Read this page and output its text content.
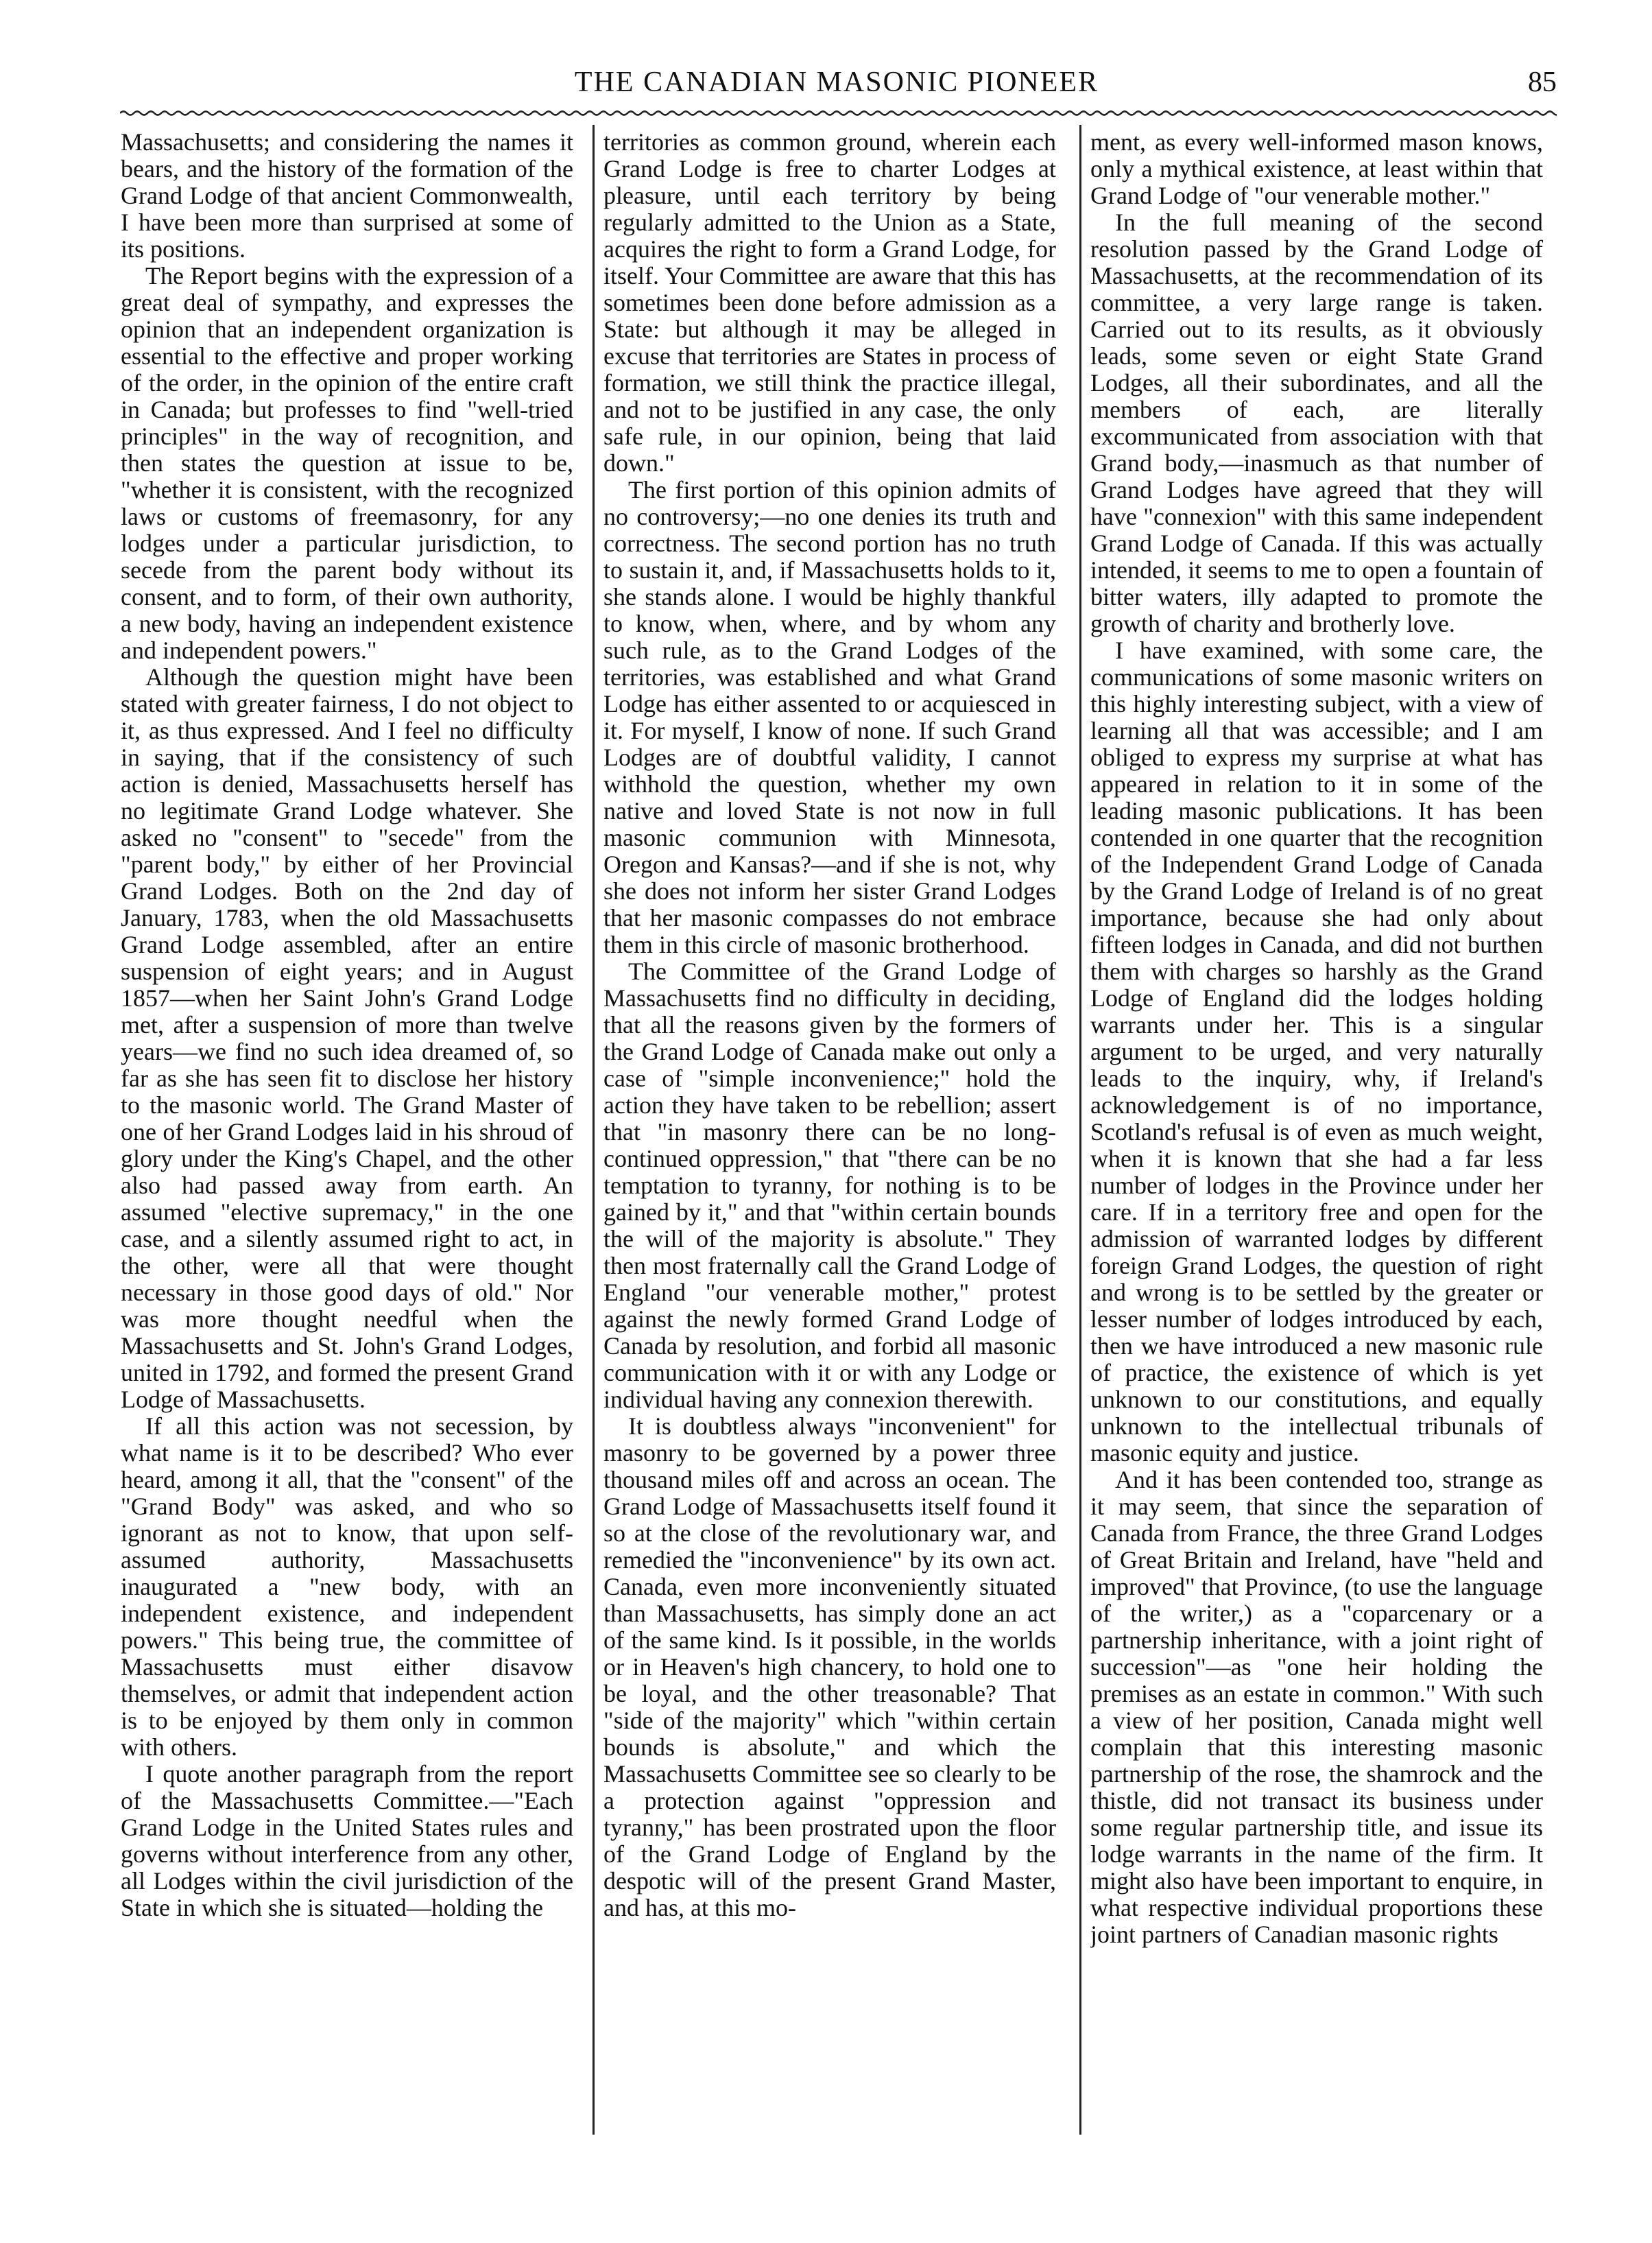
THE CANADIAN MASONIC PIONEER	85

Massachusetts; and considering the names it bears, and the history of the formation of the Grand Lodge of that ancient Commonwealth, I have been more than surprised at some of its positions.

The Report begins with the expression of a great deal of sympathy, and expresses the opinion that an independent organization is essential to the effective and proper working of the order, in the opinion of the entire craft in Canada; but professes to find "well-tried principles" in the way of recognition, and then states the question at issue to be, "whether it is consistent, with the recognized laws or customs of freemasonry, for any lodges under a particular jurisdiction, to secede from the parent body without its consent, and to form, of their own authority, a new body, having an independent existence and independent powers."

Although the question might have been stated with greater fairness, I do not object to it, as thus expressed. And I feel no difficulty in saying, that if the consistency of such action is denied, Massachusetts herself has no legitimate Grand Lodge whatever. She asked no "consent" to "secede" from the "parent body," by either of her Provincial Grand Lodges. Both on the 2nd day of January, 1783, when the old Massachusetts Grand Lodge assembled, after an entire suspension of eight years; and in August 1857—when her Saint John's Grand Lodge met, after a suspension of more than twelve years—we find no such idea dreamed of, so far as she has seen fit to disclose her history to the masonic world. The Grand Master of one of her Grand Lodges laid in his shroud of glory under the King's Chapel, and the other also had passed away from earth. An assumed "elective supremacy," in the one case, and a silently assumed right to act, in the other, were all that were thought necessary in those good days of old." Nor was more thought needful when the Massachusetts and St. John's Grand Lodges, united in 1792, and formed the present Grand Lodge of Massachusetts.

If all this action was not secession, by what name is it to be described? Who ever heard, among it all, that the "consent" of the "Grand Body" was asked, and who so ignorant as not to know, that upon self-assumed authority, Massachusetts inaugurated a "new body, with an independent existence, and independent powers." This being true, the committee of Massachusetts must either disavow themselves, or admit that independent action is to be enjoyed by them only in common with others.

I quote another paragraph from the report of the Massachusetts Committee.—"Each Grand Lodge in the United States rules and governs without interference from any other, all Lodges within the civil jurisdiction of the State in which she is situated—holding the

territories as common ground, wherein each Grand Lodge is free to charter Lodges at pleasure, until each territory by being regularly admitted to the Union as a State, acquires the right to form a Grand Lodge, for itself. Your Committee are aware that this has sometimes been done before admission as a State: but although it may be alleged in excuse that territories are States in process of formation, we still think the practice illegal, and not to be justified in any case, the only safe rule, in our opinion, being that laid down."

The first portion of this opinion admits of no controversy;—no one denies its truth and correctness. The second portion has no truth to sustain it, and, if Massachusetts holds to it, she stands alone. I would be highly thankful to know, when, where, and by whom any such rule, as to the Grand Lodges of the territories, was established and what Grand Lodge has either assented to or acquiesced in it. For myself, I know of none. If such Grand Lodges are of doubtful validity, I cannot withhold the question, whether my own native and loved State is not now in full masonic communion with Minnesota, Oregon and Kansas?—and if she is not, why she does not inform her sister Grand Lodges that her masonic compasses do not embrace them in this circle of masonic brotherhood.

The Committee of the Grand Lodge of Massachusetts find no difficulty in deciding, that all the reasons given by the formers of the Grand Lodge of Canada make out only a case of "simple inconvenience;" hold the action they have taken to be rebellion; assert that "in masonry there can be no long-continued oppression," that "there can be no temptation to tyranny, for nothing is to be gained by it," and that "within certain bounds the will of the majority is absolute." They then most fraternally call the Grand Lodge of England "our venerable mother," protest against the newly formed Grand Lodge of Canada by resolution, and forbid all masonic communication with it or with any Lodge or individual having any connexion therewith.

It is doubtless always "inconvenient" for masonry to be governed by a power three thousand miles off and across an ocean. The Grand Lodge of Massachusetts itself found it so at the close of the revolutionary war, and remedied the "inconvenience" by its own act. Canada, even more inconveniently situated than Massachusetts, has simply done an act of the same kind. Is it possible, in the worlds or in Heaven's high chancery, to hold one to be loyal, and the other treasonable? That "side of the majority" which "within certain bounds is absolute," and which the Massachusetts Committee see so clearly to be a protection against "oppression and tyranny," has been prostrated upon the floor of the Grand Lodge of England by the despotic will of the present Grand Master, and has, at this mo-

ment, as every well-informed mason knows, only a mythical existence, at least within that Grand Lodge of "our venerable mother."

In the full meaning of the second resolution passed by the Grand Lodge of Massachusetts, at the recommendation of its committee, a very large range is taken. Carried out to its results, as it obviously leads, some seven or eight State Grand Lodges, all their subordinates, and all the members of each, are literally excommunicated from association with that Grand body,—inasmuch as that number of Grand Lodges have agreed that they will have "connexion" with this same independent Grand Lodge of Canada. If this was actually intended, it seems to me to open a fountain of bitter waters, illy adapted to promote the growth of charity and brotherly love.

I have examined, with some care, the communications of some masonic writers on this highly interesting subject, with a view of learning all that was accessible; and I am obliged to express my surprise at what has appeared in relation to it in some of the leading masonic publications. It has been contended in one quarter that the recognition of the Independent Grand Lodge of Canada by the Grand Lodge of Ireland is of no great importance, because she had only about fifteen lodges in Canada, and did not burthen them with charges so harshly as the Grand Lodge of England did the lodges holding warrants under her. This is a singular argument to be urged, and very naturally leads to the inquiry, why, if Ireland's acknowledgement is of no importance, Scotland's refusal is of even as much weight, when it is known that she had a far less number of lodges in the Province under her care. If in a territory free and open for the admission of warranted lodges by different foreign Grand Lodges, the question of right and wrong is to be settled by the greater or lesser number of lodges introduced by each, then we have introduced a new masonic rule of practice, the existence of which is yet unknown to our constitutions, and equally unknown to the intellectual tribunals of masonic equity and justice.

And it has been contended too, strange as it may seem, that since the separation of Canada from France, the three Grand Lodges of Great Britain and Ireland, have "held and improved" that Province, (to use the language of the writer,) as a "coparcenary or a partnership inheritance, with a joint right of succession"—as "one heir holding the premises as an estate in common." With such a view of her position, Canada might well complain that this interesting masonic partnership of the rose, the shamrock and the thistle, did not transact its business under some regular partnership title, and issue its lodge warrants in the name of the firm. It might also have been important to enquire, in what respective individual proportions these joint partners of Canadian masonic rights
